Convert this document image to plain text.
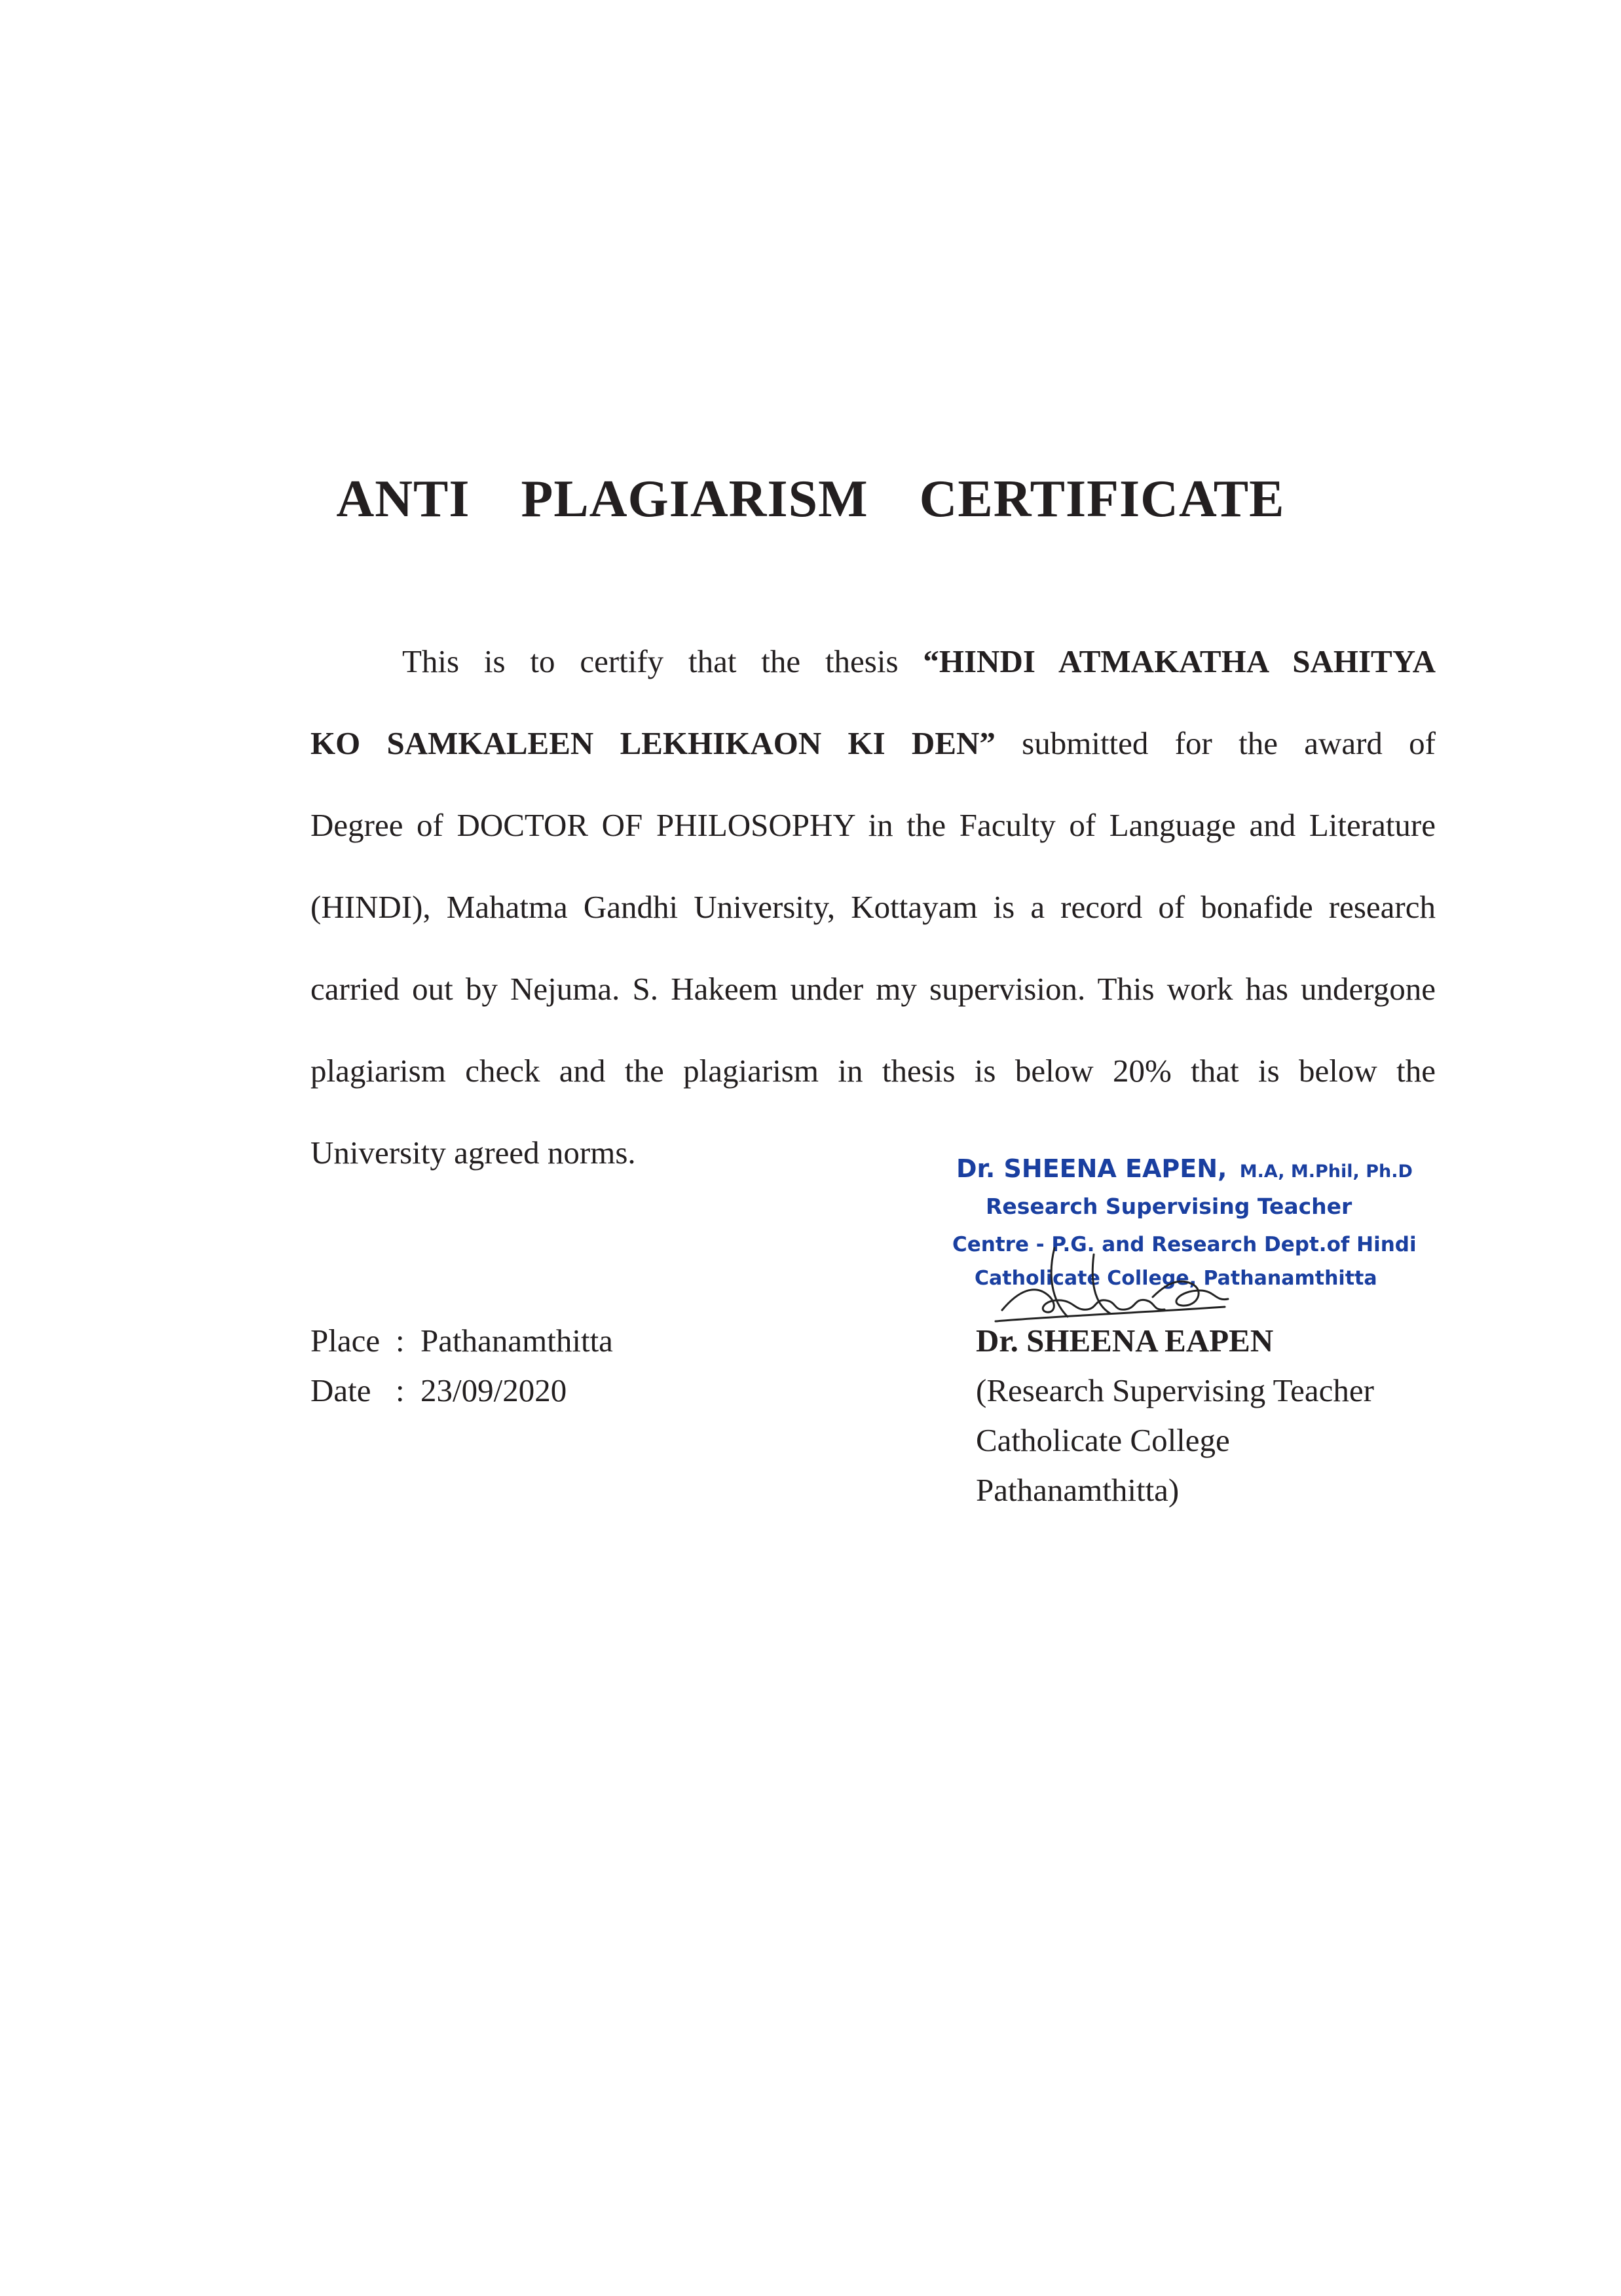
ANTI  PLAGIARISM  CERTIFICATE

This is to certify that the thesis “HINDI ATMAKATHA SAHITYA

KO SAMKALEEN LEKHIKAON KI DEN” submitted for the award of

Degree of DOCTOR OF PHILOSOPHY in the Faculty of Language and Literature

(HINDI), Mahatma Gandhi University, Kottayam is a record of bonafide research

carried out by Nejuma. S. Hakeem under my supervision. This work has undergone

plagiarism check and the plagiarism in thesis is below 20% that is below the

University agreed norms.	Dr. SHEENA EAPEN, M.A, M.Phil, Ph.D
Research Supervising Teacher
Centre - P.G. and Research Dept.of Hindi
Catholicate College, Pathanamthitta
Place : Pathanamthitta
Date : 23/09/2020
Dr. SHEENA EAPEN
(Research Supervising Teacher
Catholicate College
Pathanamthitta)
